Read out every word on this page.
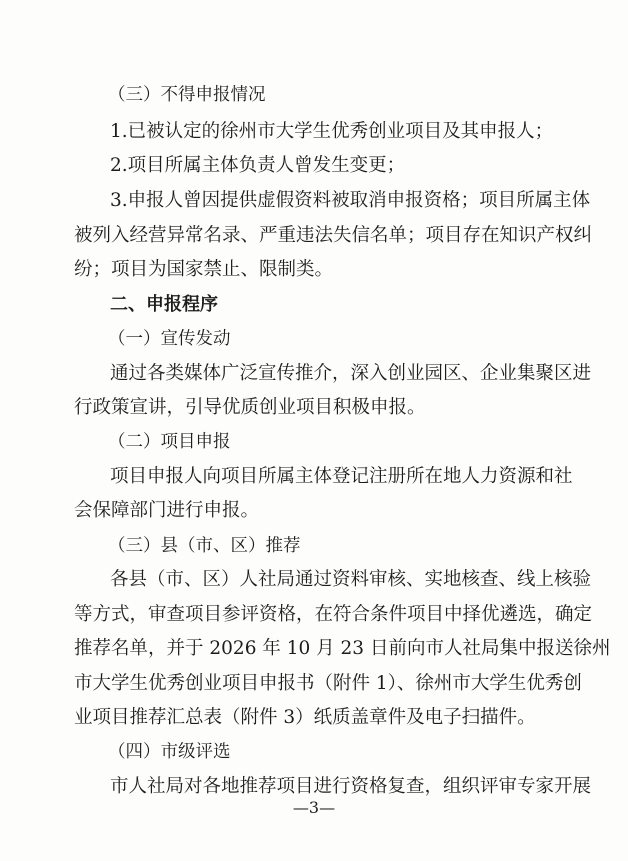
（三）不得申报情况
1.已被认定的徐州市大学生优秀创业项目及其申报人；
2.项目所属主体负责人曾发生变更；
3.申报人曾因提供虚假资料被取消申报资格；项目所属主体
被列入经营异常名录、严重违法失信名单；项目存在知识产权纠
纷；项目为国家禁止、限制类。
二、申报程序
（一）宣传发动
通过各类媒体广泛宣传推介，深入创业园区、企业集聚区进
行政策宣讲，引导优质创业项目积极申报。
（二）项目申报
项目申报人向项目所属主体登记注册所在地人力资源和社
会保障部门进行申报。
（三）县（市、区）推荐
各县（市、区）人社局通过资料审核、实地核查、线上核验
等方式，审查项目参评资格，在符合条件项目中择优遴选，确定
推荐名单，并于 2026 年 10 月 23 日前向市人社局集中报送徐州
市大学生优秀创业项目申报书（附件 1）、徐州市大学生优秀创
业项目推荐汇总表（附件 3）纸质盖章件及电子扫描件。
（四）市级评选
市人社局对各地推荐项目进行资格复查，组织评审专家开展
—3—
